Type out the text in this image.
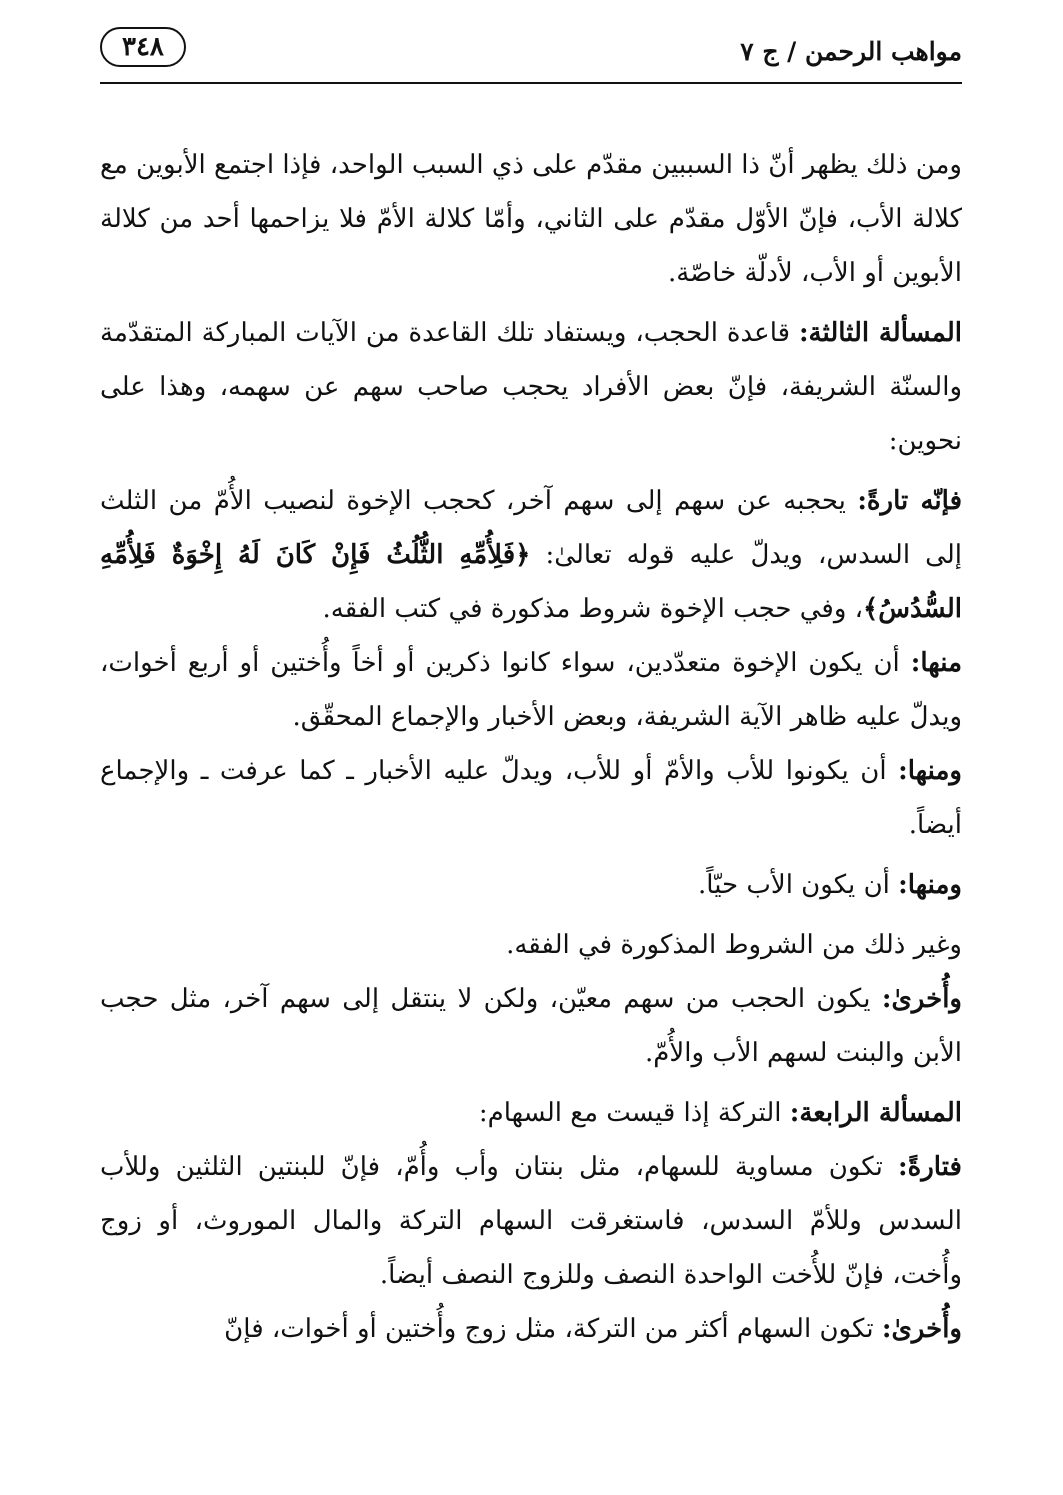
مواهب الرحمن / ج ٧
٣٤٨

ومن ذلك يظهر أنّ ذا السببين مقدّم على ذي السبب الواحد، فإذا اجتمع الأبوين مع كلالة الأب، فإنّ الأوّل مقدّم على الثاني، وأمّا كلالة الأمّ فلا يزاحمها أحد من كلالة الأبوين أو الأب، لأدلّة خاصّة.

المسألة الثالثة: قاعدة الحجب، ويستفاد تلك القاعدة من الآيات المباركة المتقدّمة والسنّة الشريفة، فإنّ بعض الأفراد يحجب صاحب سهم عن سهمه، وهذا على نحوين:

فإنّه تارةً: يحجبه عن سهم إلى سهم آخر، كحجب الإخوة لنصيب الأُمّ من الثلث إلى السدس، ويدلّ عليه قوله تعالىٰ: ﴿فَلِأُمِّهِ الثُّلُثُ فَإِنْ كَانَ لَهُ إِخْوَةٌ فَلِأُمِّهِ السُّدُسُ﴾، وفي حجب الإخوة شروط مذكورة في كتب الفقه.

منها: أن يكون الإخوة متعدّدين، سواء كانوا ذكرين أو أخاً وأُختين أو أربع أخوات، ويدلّ عليه ظاهر الآية الشريفة، وبعض الأخبار والإجماع المحقّق.

ومنها: أن يكونوا للأب والأمّ أو للأب، ويدلّ عليه الأخبار ـ كما عرفت ـ والإجماع أيضاً.

ومنها: أن يكون الأب حيّاً.

وغير ذلك من الشروط المذكورة في الفقه.

وأُخرىٰ: يكون الحجب من سهم معيّن، ولكن لا ينتقل إلى سهم آخر، مثل حجب الأبن والبنت لسهم الأب والأُمّ.

المسألة الرابعة: التركة إذا قيست مع السهام:

فتارةً: تكون مساوية للسهام، مثل بنتان وأب وأُمّ، فإنّ للبنتين الثلثين وللأب السدس وللأمّ السدس، فاستغرقت السهام التركة والمال الموروث، أو زوج وأُخت، فإنّ للأُخت الواحدة النصف وللزوج النصف أيضاً.

وأُخرىٰ: تكون السهام أكثر من التركة، مثل زوج وأُختين أو أخوات، فإنّ
